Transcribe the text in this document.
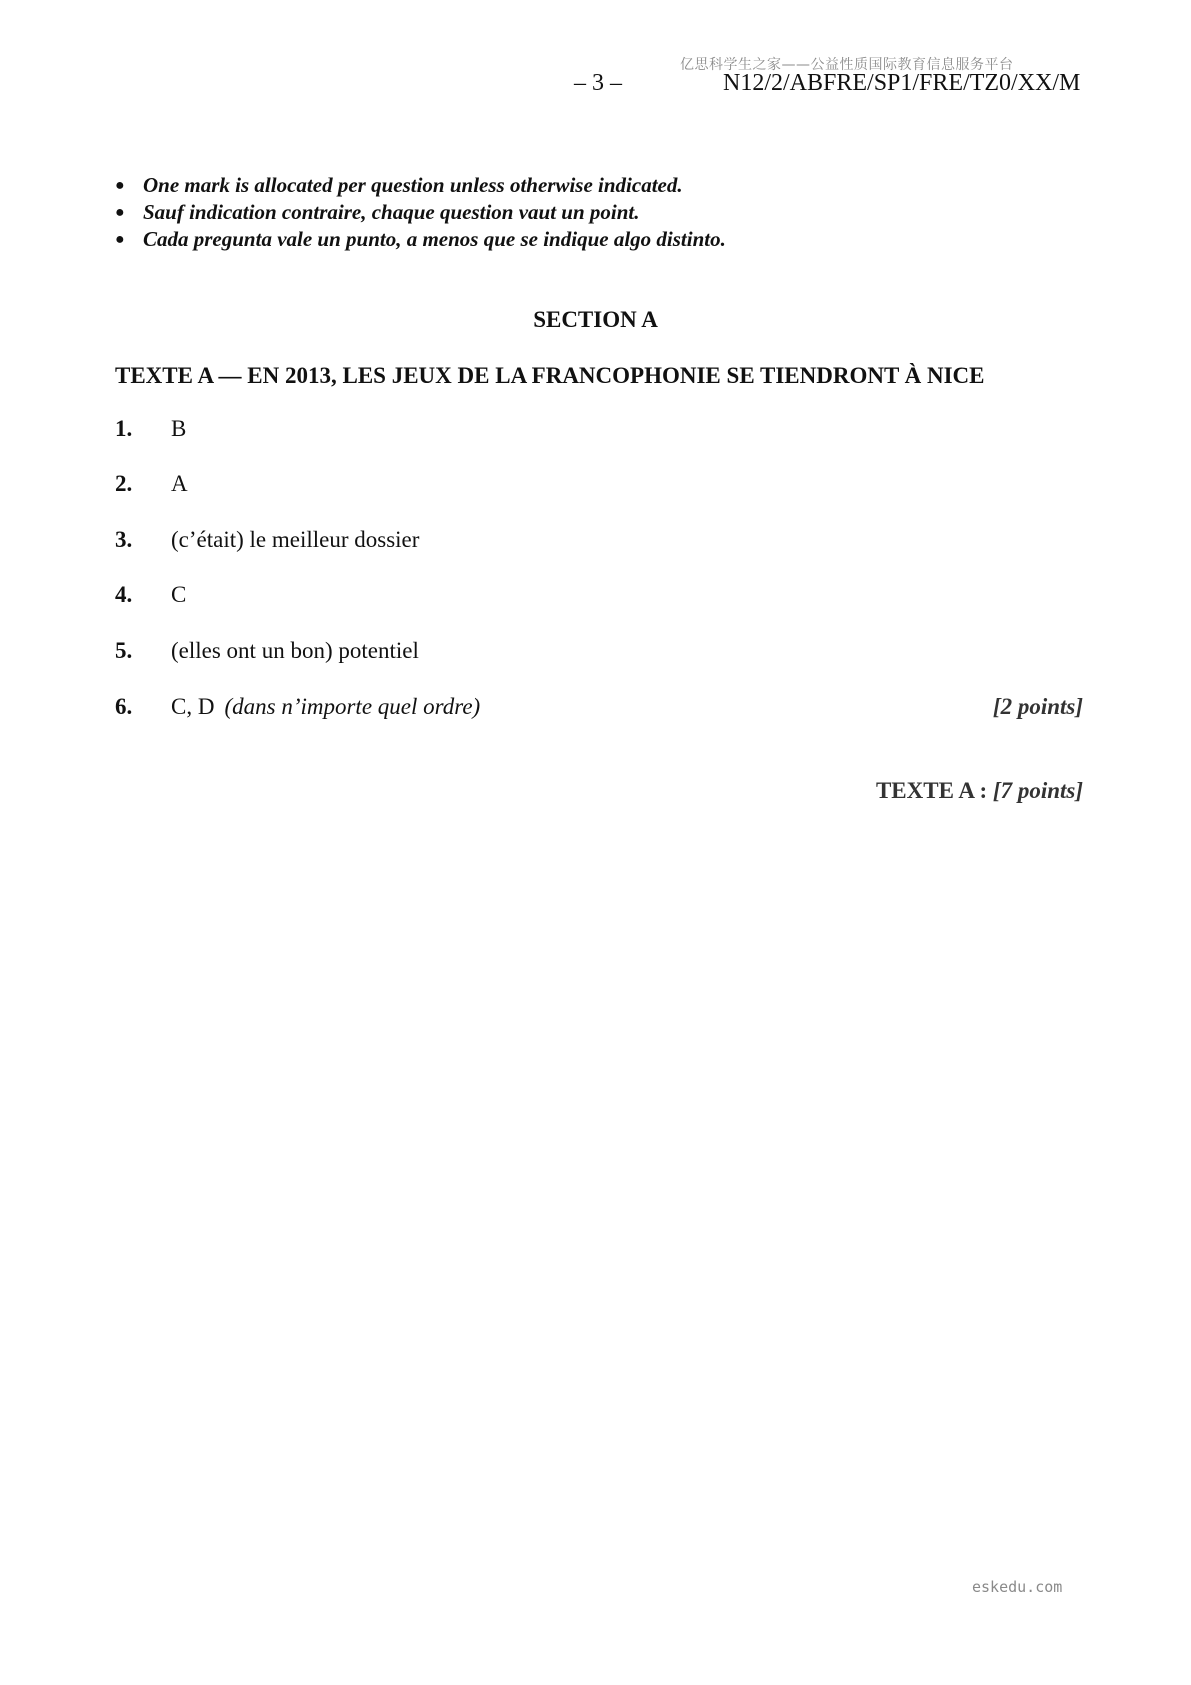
亿思科学生之家——公益性质国际教育信息服务平台
– 3 –	N12/2/ABFRE/SP1/FRE/TZ0/XX/M
● One mark is allocated per question unless otherwise indicated.
● Sauf indication contraire, chaque question vaut un point.
● Cada pregunta vale un punto, a menos que se indique algo distinto.
SECTION A
TEXTE A — EN 2013, LES JEUX DE LA FRANCOPHONIE SE TIENDRONT À NICE
1. B
2. A
3. (c’était) le meilleur dossier
4. C
5. (elles ont un bon) potentiel
6. C, D (dans n’importe quel ordre)	[2 points]
TEXTE A : [7 points]
eskedu.com
